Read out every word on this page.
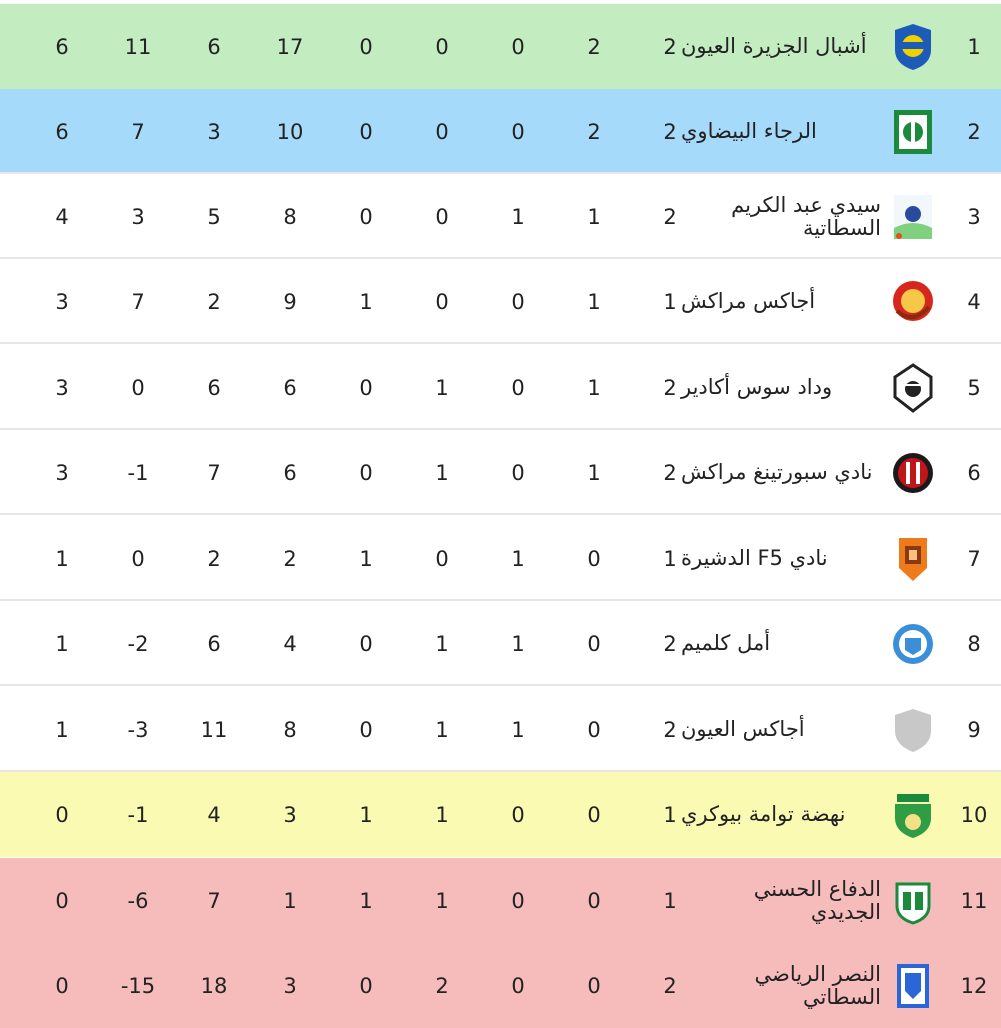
1
أشبال الجزيرة العيون
2
2
0
0
0
17
6
11
6
2
الرجاء البيضاوي
2
2
0
0
0
10
3
7
6
3
سيدي عبد الكريم السطاتية
2
1
1
0
0
8
5
3
4
4
أجاكس مراكش
1
1
0
0
1
9
2
7
3
5
وداد سوس أكادير
2
1
0
1
0
6
6
0
3
6
نادي سبورتينغ مراكش
2
1
0
1
0
6
7
-1
3
7
نادي F5 الدشيرة
1
0
1
0
1
2
2
0
1
8
أمل كلميم
2
0
1
1
0
4
6
-2
1
9
أجاكس العيون
2
0
1
1
0
8
11
-3
1
10
نهضة توامة بيوكري
1
0
0
1
1
3
4
-1
0
11
الدفاع الحسني الجديدي
1
0
0
1
1
1
7
-6
0
12
النصر الرياضي السطاتي
2
0
0
2
0
3
18
-15
0
